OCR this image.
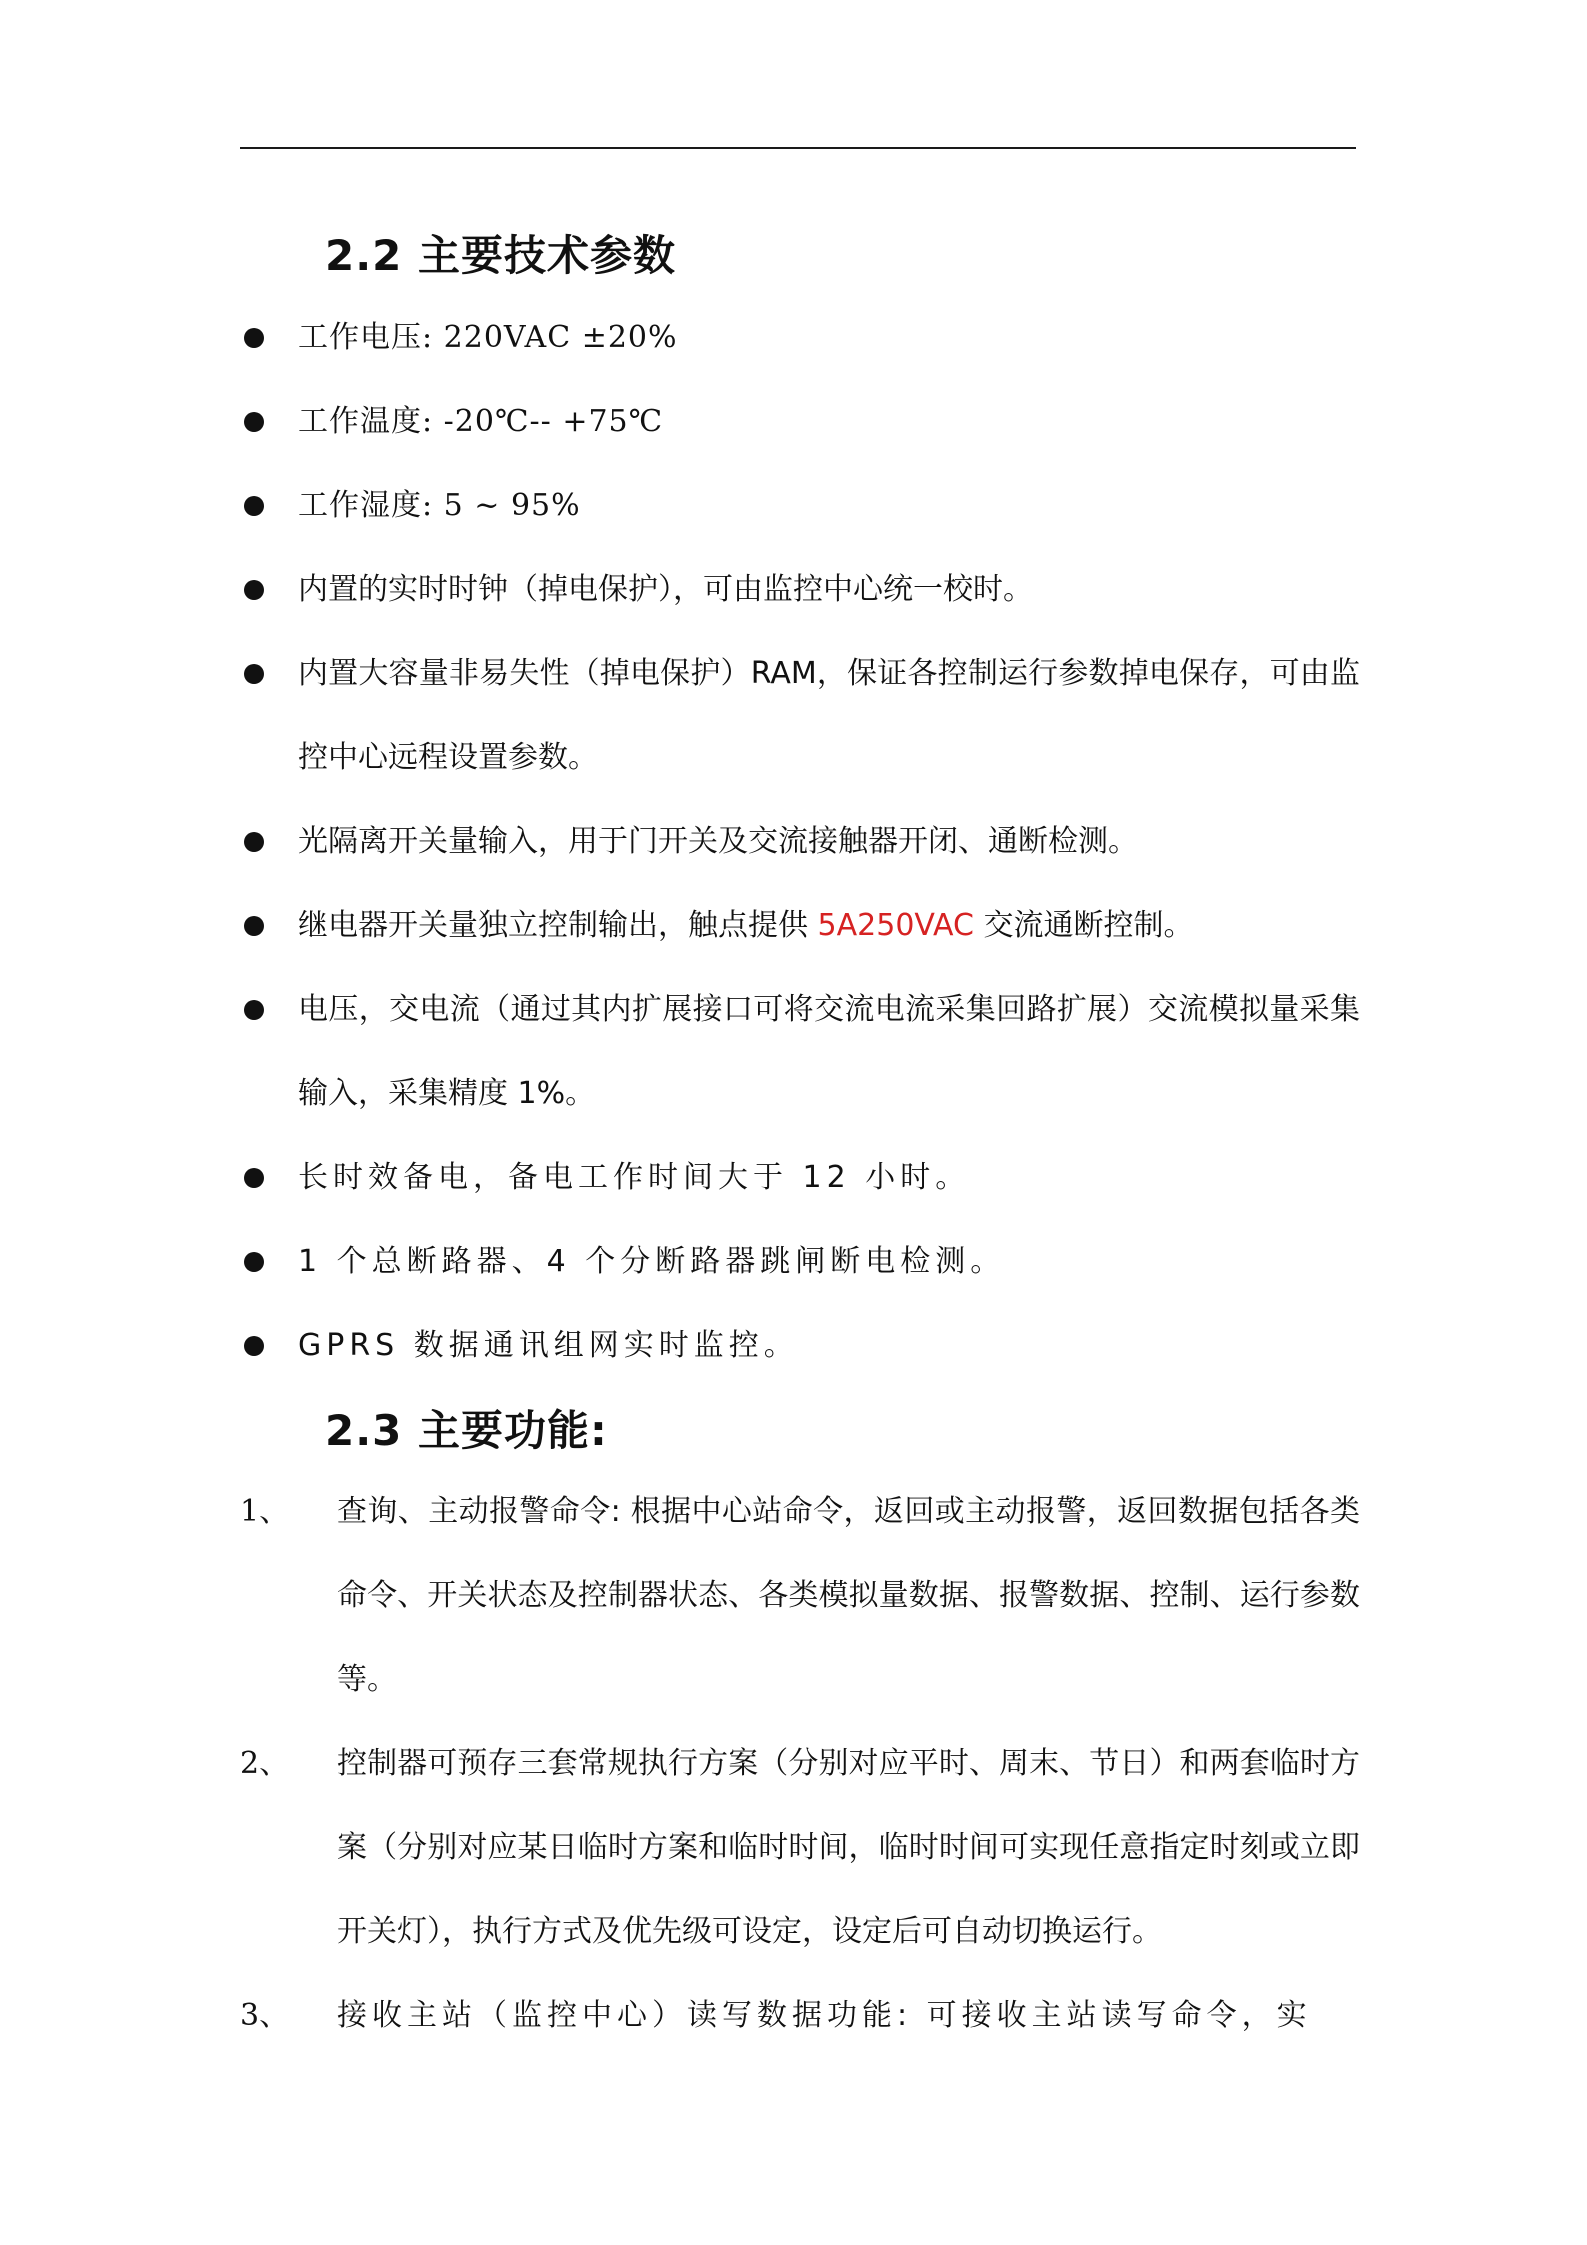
2.2 主要技术参数
工作电压: 220VAC ±20%
工作温度: -20℃-- +75℃
工作湿度: 5 ~ 95%
内置的实时时钟（掉电保护），可由监控中心统一校时。
内置大容量非易失性（掉电保护）RAM，保证各控制运行参数掉电保存，可由监控中心远程设置参数。
光隔离开关量输入，用于门开关及交流接触器开闭、通断检测。
继电器开关量独立控制输出，触点提供 5A250VAC 交流通断控制。
电压，交电流（通过其内扩展接口可将交流电流采集回路扩展）交流模拟量采集输入，采集精度 1%。
长时效备电，备电工作时间大于 12 小时。
1 个总断路器、4 个分断路器跳闸断电检测。
GPRS 数据通讯组网实时监控。
2.3 主要功能:
1、 查询、主动报警命令: 根据中心站命令，返回或主动报警，返回数据包括各类命令、开关状态及控制器状态、各类模拟量数据、报警数据、控制、运行参数等。
2、 控制器可预存三套常规执行方案（分别对应平时、周末、节日）和两套临时方案（分别对应某日临时方案和临时时间，临时时间可实现任意指定时刻或立即开关灯），执行方式及优先级可设定，设定后可自动切换运行。
3、 接收主站（监控中心）读写数据功能: 可接收主站读写命令，实
